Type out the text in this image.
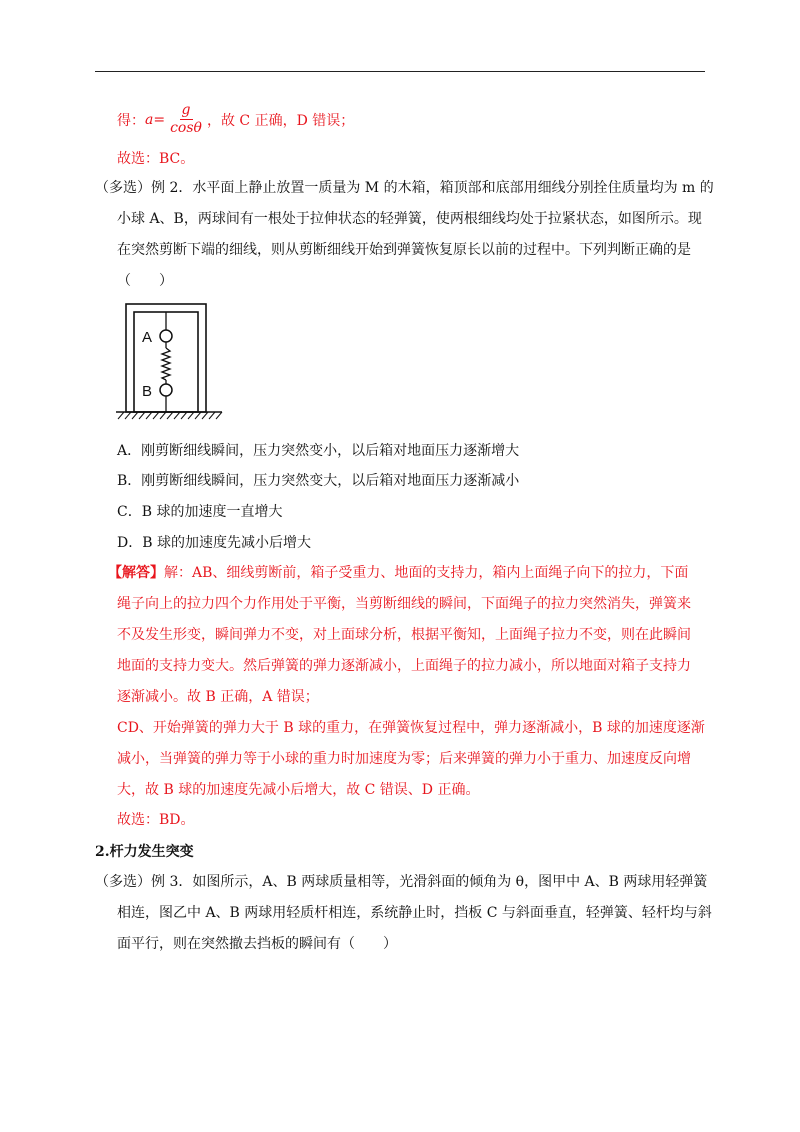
得： $a = \frac{g}{\cos\theta}$ ，故 C 正确，D 错误；
故选：BC。
（多选）例 2．水平面上静止放置一质量为 M 的木箱，箱顶部和底部用细线分别拴住质量均为 m 的
小球 A、B，两球间有一根处于拉伸状态的轻弹簧，使两根细线均处于拉紧状态，如图所示。现
在突然剪断下端的细线，则从剪断细线开始到弹簧恢复原长以前的过程中。下列判断正确的是
（　　）
A
B
A．刚剪断细线瞬间，压力突然变小，以后箱对地面压力逐渐增大
B．刚剪断细线瞬间，压力突然变大，以后箱对地面压力逐渐减小
C．B 球的加速度一直增大
D．B 球的加速度先减小后增大
【解答】解：AB、细线剪断前，箱子受重力、地面的支持力，箱内上面绳子向下的拉力，下面
绳子向上的拉力四个力作用处于平衡，当剪断细线的瞬间，下面绳子的拉力突然消失，弹簧来
不及发生形变，瞬间弹力不变，对上面球分析，根据平衡知，上面绳子拉力不变，则在此瞬间
地面的支持力变大。然后弹簧的弹力逐渐减小，上面绳子的拉力减小，所以地面对箱子支持力
逐渐减小。故 B 正确，A 错误；
CD、开始弹簧的弹力大于 B 球的重力，在弹簧恢复过程中，弹力逐渐减小，B 球的加速度逐渐
减小，当弹簧的弹力等于小球的重力时加速度为零；后来弹簧的弹力小于重力、加速度反向增
大，故 B 球的加速度先减小后增大，故 C 错误、D 正确。
故选：BD。
2.杆力发生突变
（多选）例 3．如图所示，A、B 两球质量相等，光滑斜面的倾角为 θ，图甲中 A、B 两球用轻弹簧
相连，图乙中 A、B 两球用轻质杆相连，系统静止时，挡板 C 与斜面垂直，轻弹簧、轻杆均与斜
面平行，则在突然撤去挡板的瞬间有（　　）
